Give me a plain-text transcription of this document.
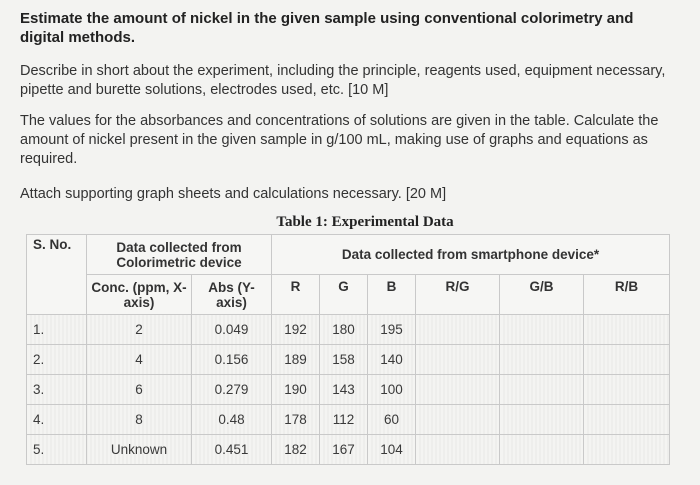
Estimate the amount of nickel in the given sample using conventional colorimetry and digital methods.

Describe in short about the experiment, including the principle, reagents used, equipment necessary, pipette and burette solutions, electrodes used, etc. [10 M]

The values for the absorbances and concentrations of solutions are given in the table. Calculate the amount of nickel present in the given sample in g/100 mL, making use of graphs and equations as required.

Attach supporting graph sheets and calculations necessary. [20 M]

Table 1: Experimental Data
S. No.	Data collected from Colorimetric device		Data collected from smartphone device*					
	Conc. (ppm, X-axis)	Abs (Y- axis)	R	G	B	R/G	G/B	R/B
1.	2	0.049	192	180	195			
2.	4	0.156	189	158	140			
3.	6	0.279	190	143	100			
4.	8	0.48	178	112	60			
5.	Unknown	0.451	182	167	104			
